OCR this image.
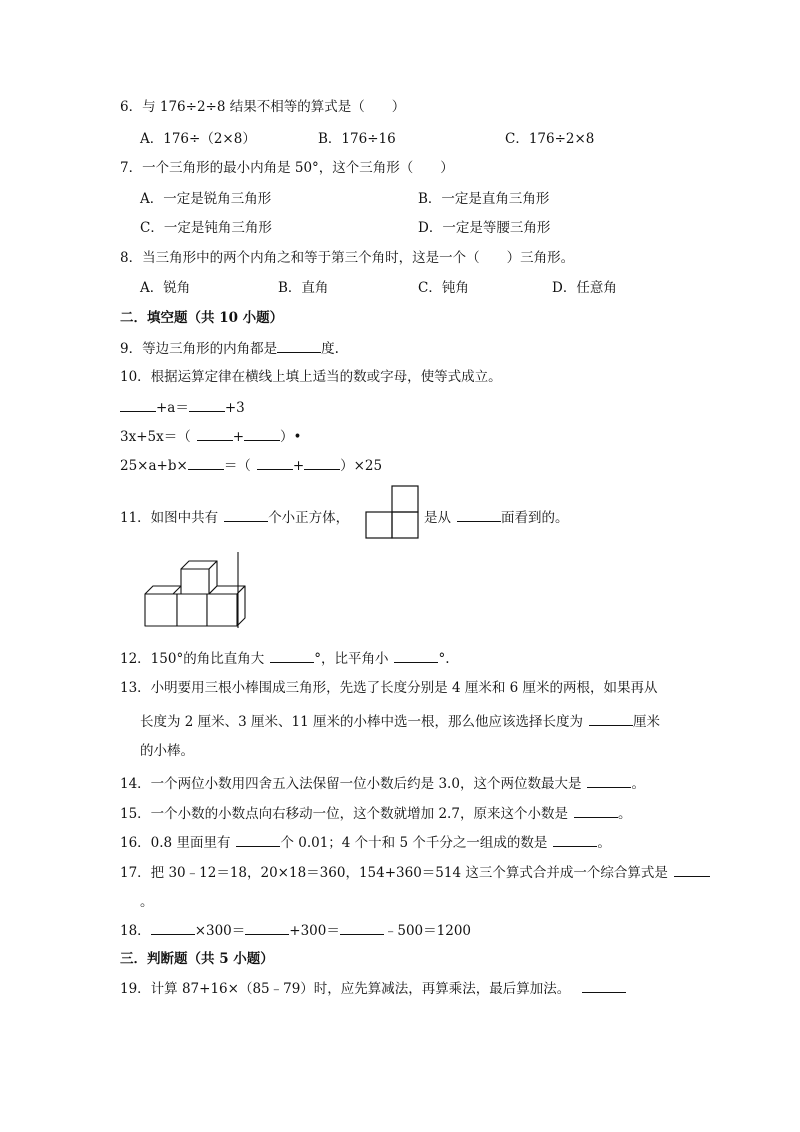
6．与 176÷2÷8 结果不相等的算式是（　　）
A．176÷（2×8）	B．176÷16	C．176÷2×8
7．一个三角形的最小内角是 50°，这个三角形（　　）
A．一定是锐角三角形	B．一定是直角三角形
C．一定是钝角三角形	D．一定是等腰三角形
8．当三角形中的两个内角之和等于第三个角时，这是一个（　　）三角形。
A．锐角	B．直角	C．钝角	D．任意角
二．填空题（共 10 小题）
9．等边三角形的内角都是	度.
10．根据运算定律在横线上填上适当的数或字母，使等式成立。
+a＝	+3
3x+5x＝（	+	）•
25×a+b×	＝（	+	）×25
11．如图中共有	个小正方体，	是从	面看到的。
12．150°的角比直角大	°，比平角小	°.
13．小明要用三根小棒围成三角形，先选了长度分别是 4 厘米和 6 厘米的两根，如果再从
长度为 2 厘米、3 厘米、11 厘米的小棒中选一根，那么他应该选择长度为	厘米
的小棒。
14．一个两位小数用四舍五入法保留一位小数后约是 3.0，这个两位数最大是	。
15．一个小数的小数点向右移动一位，这个数就增加 2.7，原来这个小数是	。
16．0.8 里面里有	个 0.01；4 个十和 5 个千分之一组成的数是	。
17．把 30﹣12＝18，20×18＝360，154+360＝514 这三个算式合并成一个综合算式是
。
18．	×300＝	+300＝	﹣500＝1200
三．判断题（共 5 小题）
19．计算 87+16×（85﹣79）时，应先算减法，再算乘法，最后算加法。
